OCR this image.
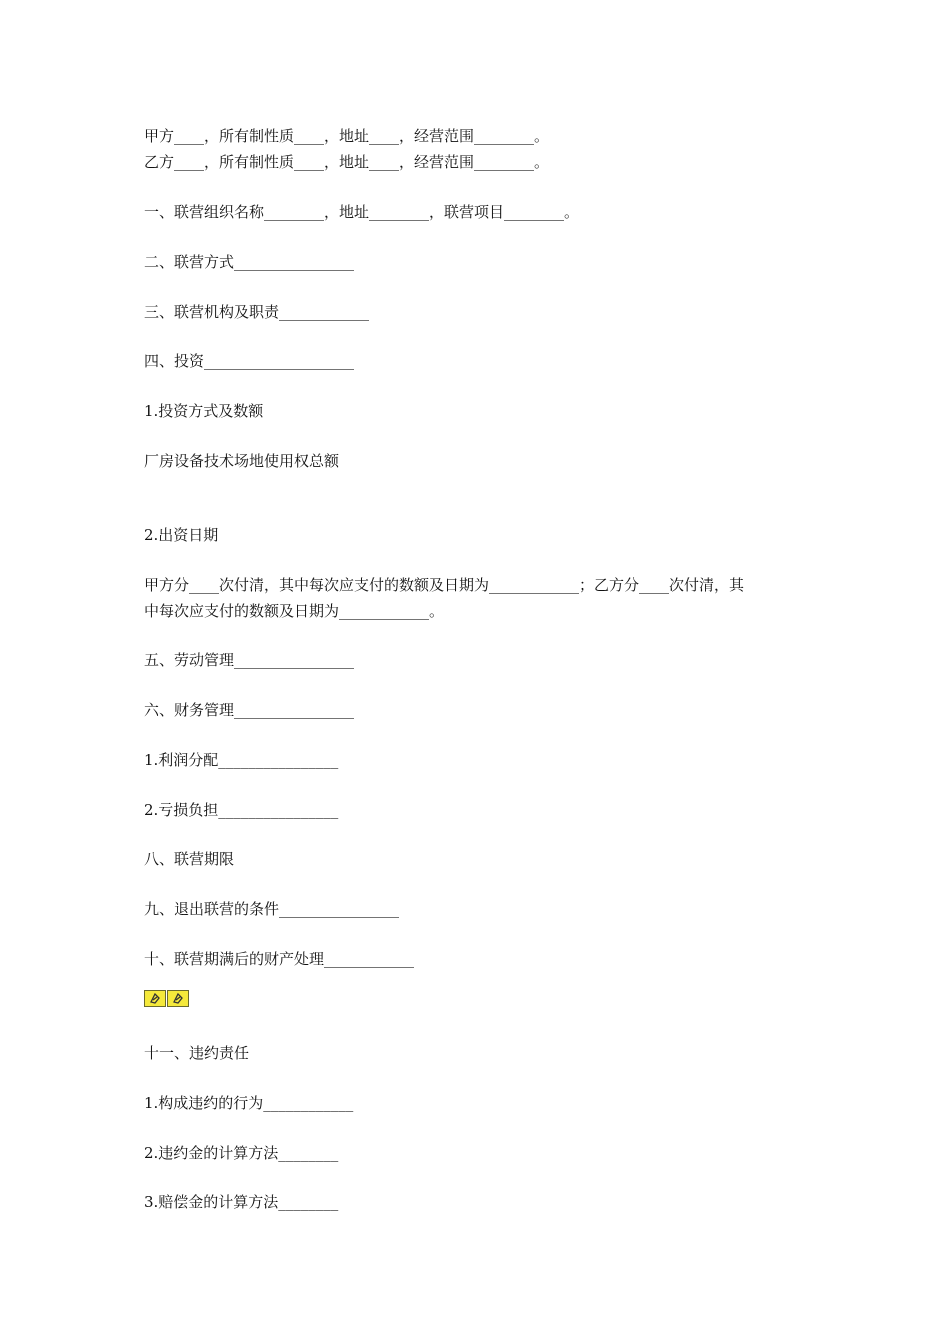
甲方____，所有制性质____，地址____，经营范围________。

乙方____，所有制性质____，地址____，经营范围________。

一、联营组织名称________，地址________，联营项目________。

二、联营方式________________

三、联营机构及职责____________

四、投资____________________

1.投资方式及数额

厂房设备技术场地使用权总额

2.出资日期

甲方分____次付清，其中每次应支付的数额及日期为____________；乙方分____次付清，其

中每次应支付的数额及日期为____________。

五、劳动管理________________

六、财务管理________________

1.利润分配________________

2.亏损负担________________

八、联营期限

九、退出联营的条件________________

十、联营期满后的财产处理____________

十一、违约责任

1.构成违约的行为____________

2.违约金的计算方法________

3.赔偿金的计算方法________
